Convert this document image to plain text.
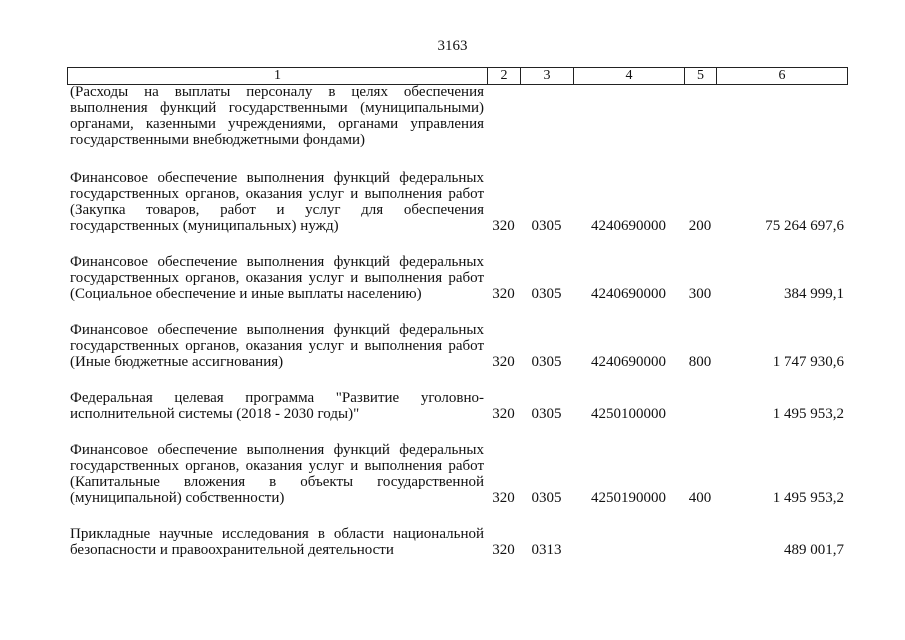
3163
1	2	3	4	5	6
(Расходы на выплаты персоналу в целях обеспечения выполнения функций государственными (муниципальными) органами, казенными учреждениями, органами управления государственными внебюджетными фондами)					

Финансовое обеспечение выполнения функций федеральных государственных органов, оказания услуг и выполнения работ (Закупка товаров, работ и услуг для обеспечения государственных (муниципальных) нужд)	320	0305	4240690000	200	75 264 697,6

Финансовое обеспечение выполнения функций федеральных государственных органов, оказания услуг и выполнения работ (Социальное обеспечение и иные выплаты населению)	320	0305	4240690000	300	384 999,1

Финансовое обеспечение выполнения функций федеральных государственных органов, оказания услуг и выполнения работ (Иные бюджетные ассигнования)	320	0305	4240690000	800	1 747 930,6

Федеральная целевая программа "Развитие уголовно-исполнительной системы (2018 - 2030 годы)"	320	0305	4250100000		1 495 953,2

Финансовое обеспечение выполнения функций федеральных государственных органов, оказания услуг и выполнения работ (Капитальные вложения в объекты государственной (муниципальной) собственности)	320	0305	4250190000	400	1 495 953,2

Прикладные научные исследования в области национальной безопасности и правоохранительной деятельности	320	0313			489 001,7
